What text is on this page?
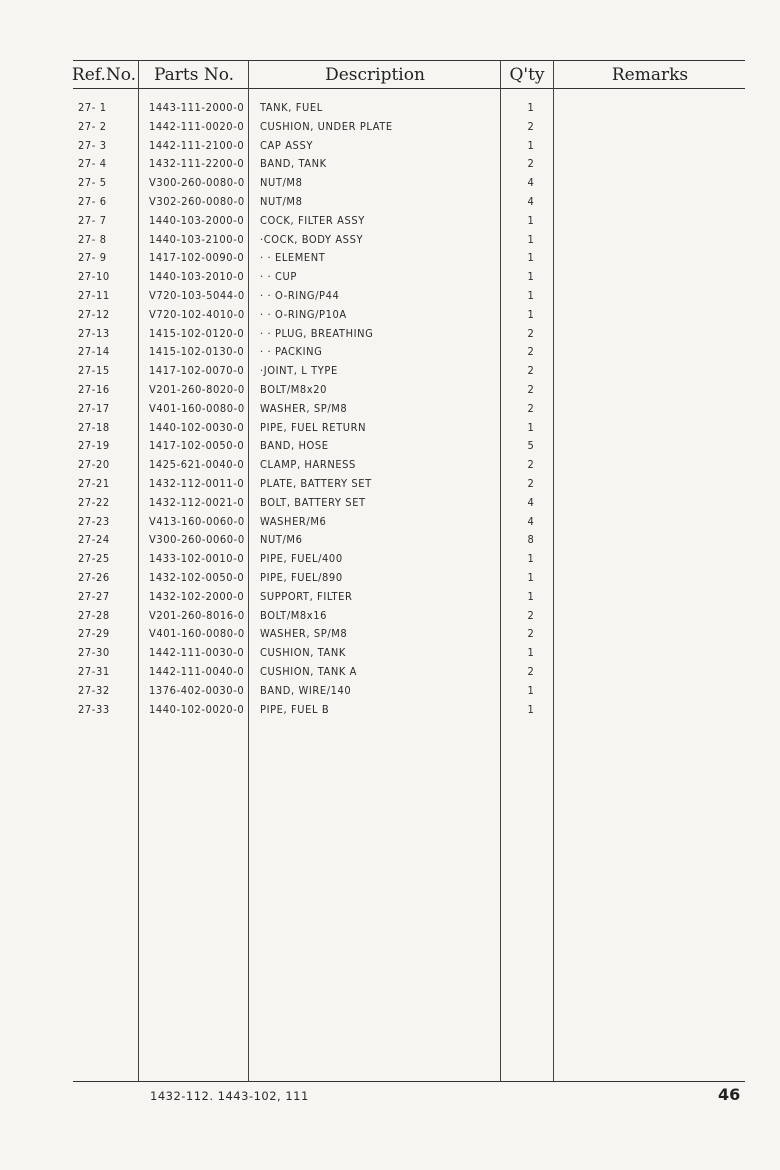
Ref.No.	Parts No.	Description	Q'ty	Remarks
27- 1	1443-111-2000-0 TANK, FUEL	1
27- 2	1442-111-0020-0 CUSHION, UNDER PLATE	2
27- 3	1442-111-2100-0 CAP ASSY	1
27- 4	1432-111-2200-0 BAND, TANK	2
27- 5	V300-260-0080-0 NUT/M8	4
27- 6	V302-260-0080-0 NUT/M8	4
27- 7	1440-103-2000-0 COCK, FILTER ASSY	1
27- 8	1440-103-2100-0 ·COCK, BODY ASSY	1
27- 9	1417-102-0090-0 · · ELEMENT	1
27-10	1440-103-2010-0 · · CUP	1
27-11	V720-103-5044-0 · · O-RING/P44	1
27-12	V720-102-4010-0 · · O-RING/P10A	1
27-13	1415-102-0120-0 · · PLUG, BREATHING	2
27-14	1415-102-0130-0 · · PACKING	2
27-15	1417-102-0070-0 ·JOINT, L TYPE	2
27-16	V201-260-8020-0 BOLT/M8x20	2
27-17	V401-160-0080-0 WASHER, SP/M8	2
27-18	1440-102-0030-0 PIPE, FUEL RETURN	1
27-19	1417-102-0050-0 BAND, HOSE	5
27-20	1425-621-0040-0 CLAMP, HARNESS	2
27-21	1432-112-0011-0 PLATE, BATTERY SET	2
27-22	1432-112-0021-0 BOLT, BATTERY SET	4
27-23	V413-160-0060-0 WASHER/M6	4
27-24	V300-260-0060-0 NUT/M6	8
27-25	1433-102-0010-0 PIPE, FUEL/400	1
27-26	1432-102-0050-0 PIPE, FUEL/890	1
27-27	1432-102-2000-0 SUPPORT, FILTER	1
27-28	V201-260-8016-0 BOLT/M8x16	2
27-29	V401-160-0080-0 WASHER, SP/M8	2
27-30	1442-111-0030-0 CUSHION, TANK	1
27-31	1442-111-0040-0 CUSHION, TANK A	2
27-32	1376-402-0030-0 BAND, WIRE/140	1
27-33	1440-102-0020-0 PIPE, FUEL B	1
1432-112. 1443-102, 111	46
